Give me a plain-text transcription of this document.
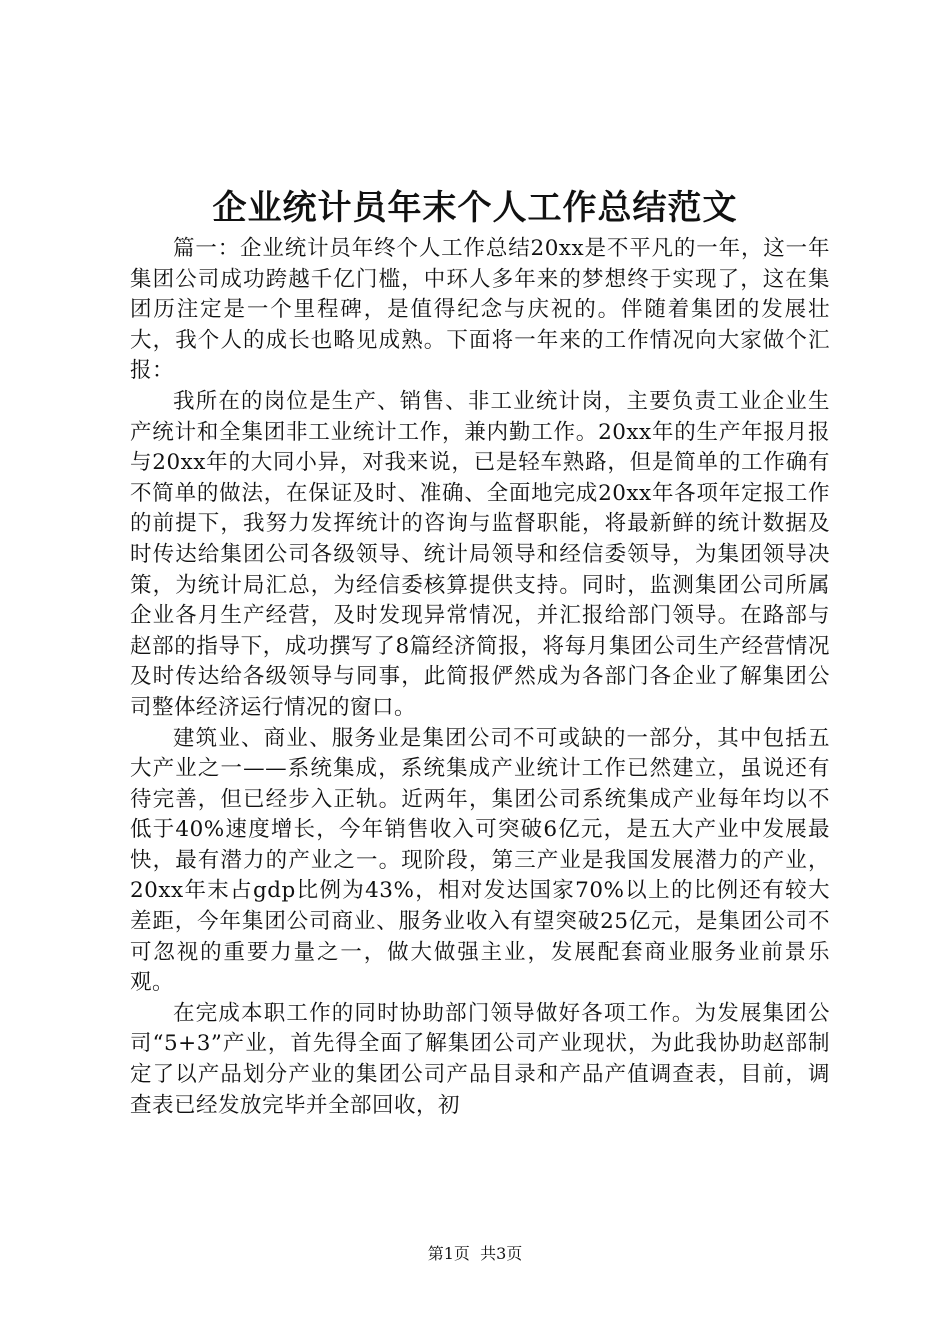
企业统计员年末个人工作总结范文

篇一：企业统计员年终个人工作总结20xx是不平凡的一年，这一年集团公司成功跨越千亿门槛，中环人多年来的梦想终于实现了，这在集团历注定是一个里程碑，是值得纪念与庆祝的。伴随着集团的发展壮大，我个人的成长也略见成熟。下面将一年来的工作情况向大家做个汇报：

我所在的岗位是生产、销售、非工业统计岗，主要负责工业企业生产统计和全集团非工业统计工作，兼内勤工作。20xx年的生产年报月报与20xx年的大同小异，对我来说，已是轻车熟路，但是简单的工作确有不简单的做法，在保证及时、准确、全面地完成20xx年各项年定报工作的前提下，我努力发挥统计的咨询与监督职能，将最新鲜的统计数据及时传达给集团公司各级领导、统计局领导和经信委领导，为集团领导决策，为统计局汇总，为经信委核算提供支持。同时，监测集团公司所属企业各月生产经营，及时发现异常情况，并汇报给部门领导。在路部与赵部的指导下，成功撰写了8篇经济简报，将每月集团公司生产经营情况及时传达给各级领导与同事，此简报俨然成为各部门各企业了解集团公司整体经济运行情况的窗口。

建筑业、商业、服务业是集团公司不可或缺的一部分，其中包括五大产业之一——系统集成，系统集成产业统计工作已然建立，虽说还有待完善，但已经步入正轨。近两年，集团公司系统集成产业每年均以不低于40%速度增长，今年销售收入可突破6亿元，是五大产业中发展最快，最有潜力的产业之一。现阶段，第三产业是我国发展潜力的产业，20xx年末占gdp比例为43%，相对发达国家70%以上的比例还有较大差距，今年集团公司商业、服务业收入有望突破25亿元，是集团公司不可忽视的重要力量之一，做大做强主业，发展配套商业服务业前景乐观。

在完成本职工作的同时协助部门领导做好各项工作。为发展集团公司“5+3”产业，首先得全面了解集团公司产业现状，为此我协助赵部制定了以产品划分产业的集团公司产品目录和产品产值调查表，目前，调查表已经发放完毕并全部回收，初

第1页 共3页
